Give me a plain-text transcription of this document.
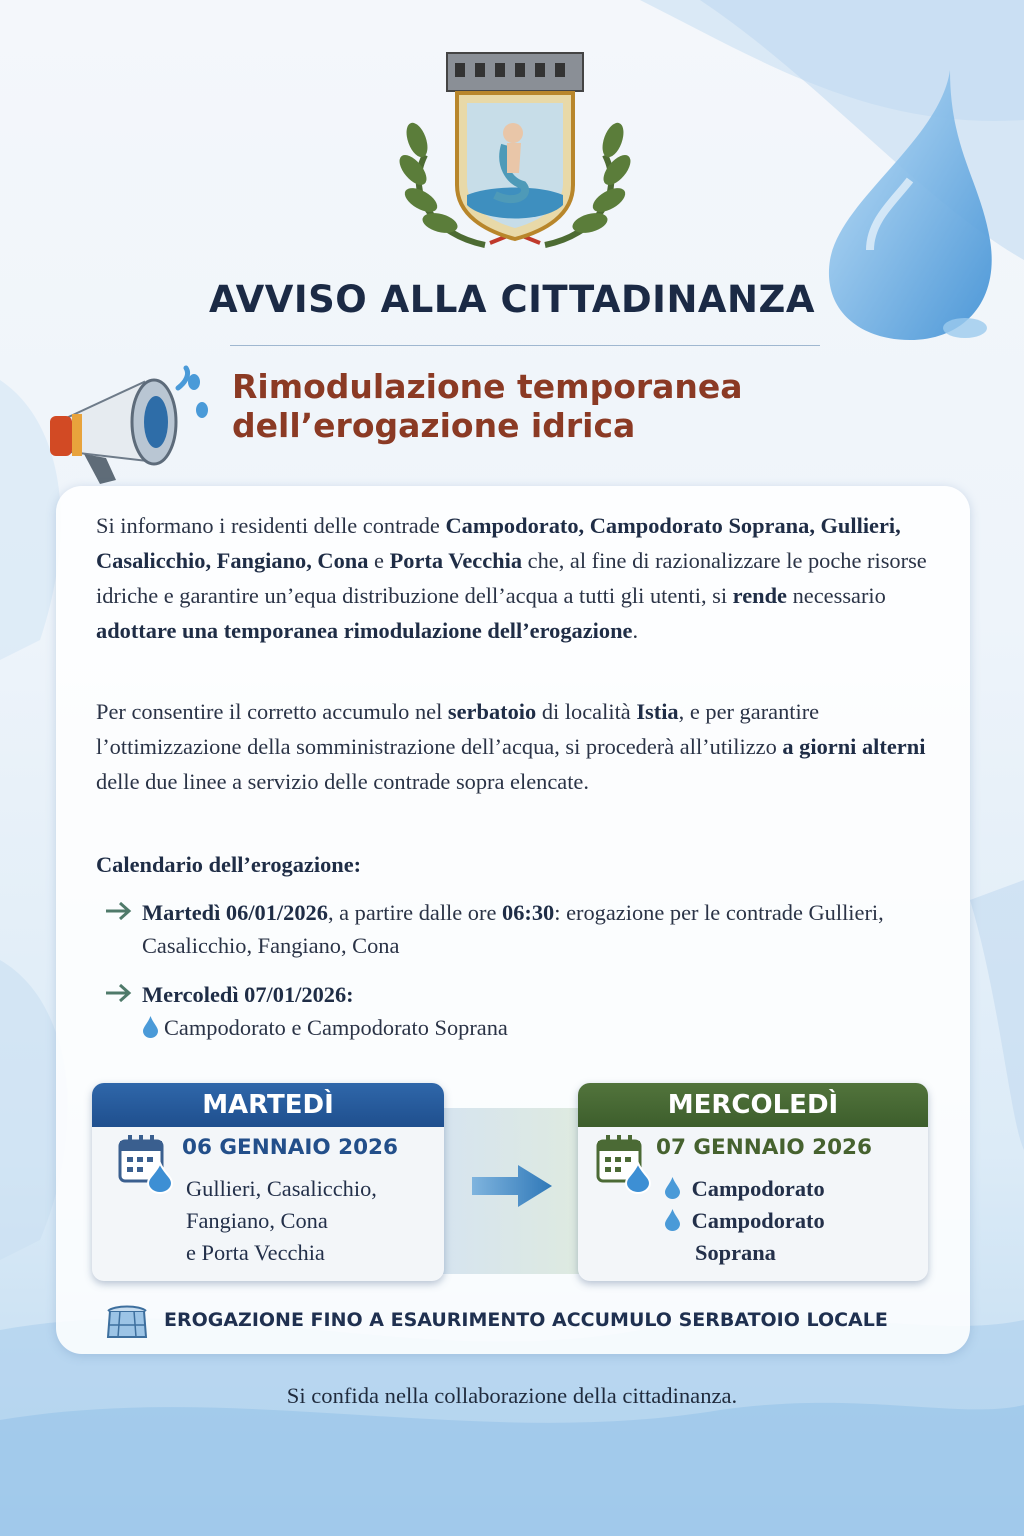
AVVISO ALLA CITTADINANZA
Rimodulazione temporanea
dell’erogazione idrica

Si informano i residenti delle contrade Campodorato, Campodorato Soprana, Gullieri, Casalicchio, Fangiano, Cona e Porta Vecchia che, al fine di razionalizzare le poche risorse idriche e garantire un’equa distribuzione dell’acqua a tutti gli utenti, si rende necessario adottare una temporanea rimodulazione dell’erogazione.

Per consentire il corretto accumulo nel serbatoio di località Istia, e per garantire l’ottimizzazione della somministrazione dell’acqua, si procederà all’utilizzo a giorni alterni delle due linee a servizio delle contrade sopra elencate.

Calendario dell’erogazione:

Martedì 06/01/2026, a partire dalle ore 06:30: erogazione per le contrade Gullieri, Casalicchio, Fangiano, Cona
Mercoledì 07/01/2026:
Campodorato e Campodorato Soprana
MARTEDÌ
06 GENNAIO 2026
Gullieri, Casalicchio,
Fangiano, Cona
e Porta Vecchia
MERCOLEDÌ
07 GENNAIO 2026
Campodorato
Campodorato
Soprana
EROGAZIONE FINO A ESAURIMENTO ACCUMULO SERBATOIO LOCALE

Si confida nella collaborazione della cittadinanza.
